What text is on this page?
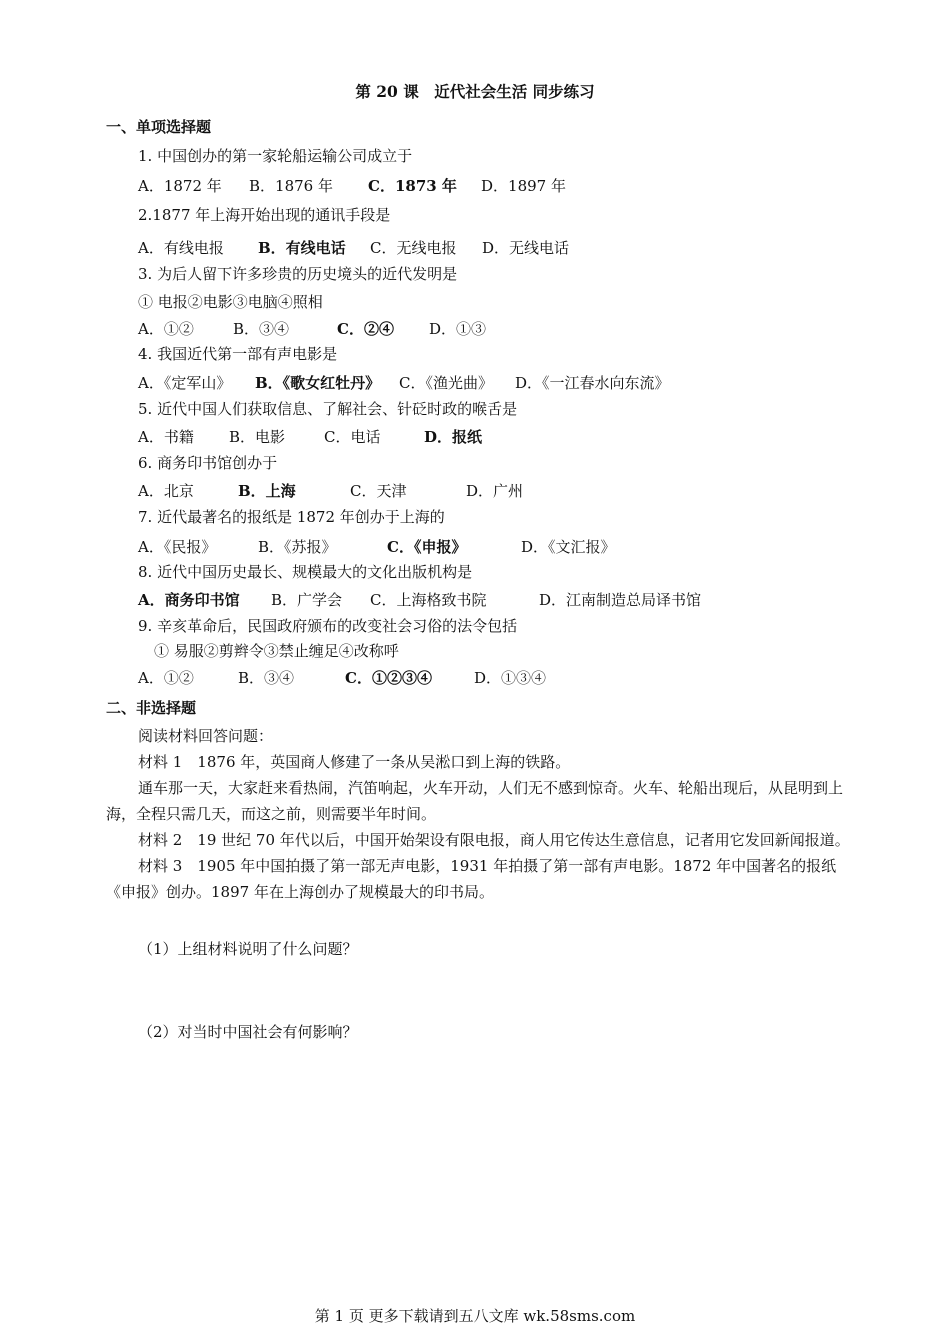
第 20 课　近代社会生活 同步练习
一、单项选择题
1. 中国创办的第一家轮船运输公司成立于
A．1872 年 B．1876 年 C．1873 年 D．1897 年
2.1877 年上海开始出现的通讯手段是
A．有线电报 B．有线电话 C．无线电报 D．无线电话
3. 为后人留下许多珍贵的历史境头的近代发明是
① 电报②电影③电脑④照相
A．①②	B．③④	C．②④ D．①③
4. 我国近代第一部有声电影是
A．《定军山》 B．《歌女红牡丹》 C．《渔光曲》 D．《一江春水向东流》
5. 近代中国人们获取信息、了解社会、针砭时政的喉舌是
A．书籍 B．电影	C．电话	D．报纸
6. 商务印书馆创办于
A．北京	B．上海	C．天津	D．广州
7. 近代最著名的报纸是 1872 年创办于上海的
A．《民报》	B．《苏报》	C．《申报》	D．《文汇报》
8. 近代中国历史最长、规模最大的文化出版机构是
A．商务印书馆 B．广学会 C．上海格致书院	D．江南制造总局译书馆
9. 辛亥革命后，民国政府颁布的改变社会习俗的法令包括
① 易服②剪辫令③禁止缠足④改称呼
A．①②	B．③④	C．①②③④	D．①③④
二、非选择题

阅读材料回答问题：

材料 1　1876 年，英国商人修建了一条从吴淞口到上海的铁路。

通车那一天，大家赶来看热闹，汽笛响起，火车开动，人们无不感到惊奇。火车、轮船出现后，从昆明到上海，全程只需几天，而这之前，则需要半年时间。

材料 2　19 世纪 70 年代以后，中国开始架设有限电报，商人用它传达生意信息，记者用它发回新闻报道。

材料 3　1905 年中国拍摄了第一部无声电影，1931 年拍摄了第一部有声电影。1872 年中国著名的报纸《申报》创办。1897 年在上海创办了规模最大的印书局。

（1）上组材料说明了什么问题？
（2）对当时中国社会有何影响？
第 1 页 更多下载请到五八文库 wk.58sms.com
